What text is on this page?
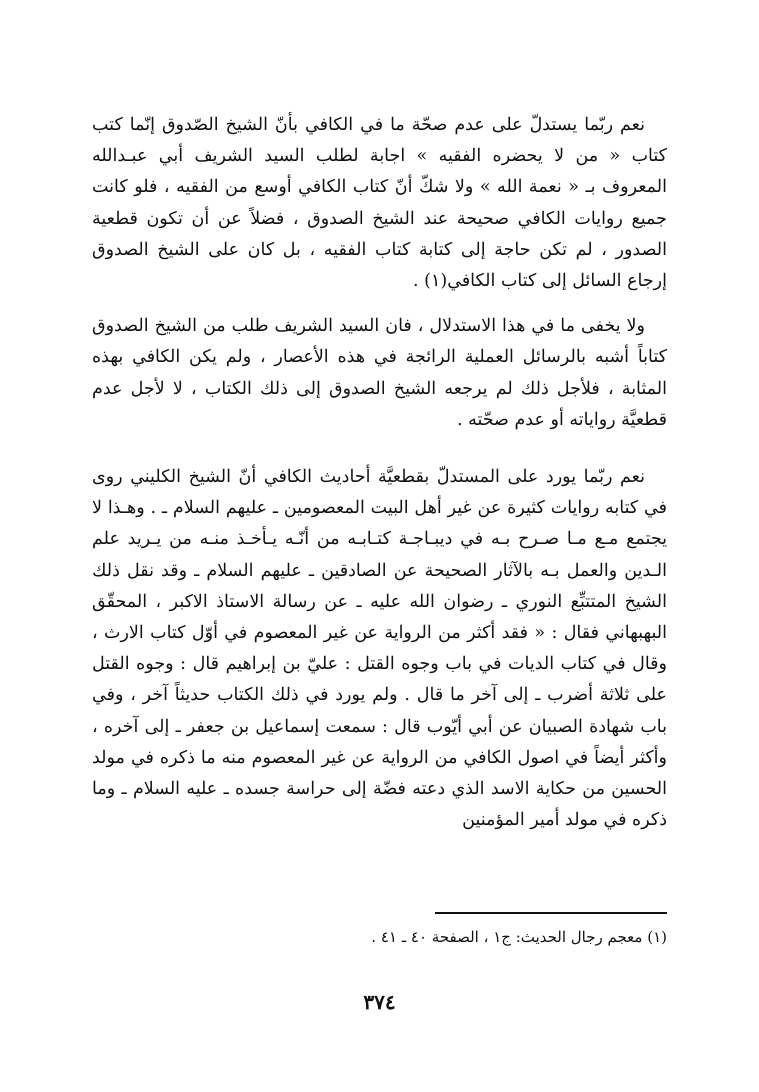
نعم ربّما يستدلّ على عدم صحّة ما في الكافي بأنّ الشيخ الصّدوق إنّما كتب كتاب « من لا يحضره الفقيه » اجابة لطلب السيد الشريف أبي عبـدالله المعروف بـ « نعمة الله » ولا شكّ أنّ كتاب الكافي أوسع من الفقيه ، فلو كانت جميع روايات الكافي صحيحة عند الشيخ الصدوق ، فضلاً عن أن تكون قطعية الصدور ، لم تكن حاجة إلى كتابة كتاب الفقيه ، بل كان على الشيخ الصدوق إرجاع السائل إلى كتاب الكافي(١) .

ولا يخفى ما في هذا الاستدلال ، فان السيد الشريف طلب من الشيخ الصدوق كتاباً أشبه بالرسائل العملية الرائجة في هذه الأعصار ، ولم يكن الكافي بهذه المثابة ، فلأجل ذلك لم يرجعه الشيخ الصدوق إلى ذلك الكتاب ، لا لأجل عدم قطعيَّة رواياته أو عدم صحّته .

نعم ربّما يورد على المستدلّ بقطعيَّة أحاديث الكافي أنّ الشيخ الكليني روى في كتابه روايات كثيرة عن غير أهل البيت المعصومين ـ عليهم السلام ـ . وهـذا لا يجتمع مـع مـا صـرح بـه في ديبـاجـة كتـابـه من أنّـه يـأخـذ منـه من يـريد علم الـدين والعمل بـه بالآثار الصحيحة عن الصادقين ـ عليهم السلام ـ وقد نقل ذلك الشيخ المتتبِّع النوري ـ رضوان الله عليه ـ عن رسالة الاستاذ الاكبر ، المحقّق البهبهاني فقال : « فقد أكثر من الرواية عن غير المعصوم في أوّل كتاب الارث ، وقال في كتاب الديات في باب وجوه القتل : عليّ بن إبراهيم قال : وجوه القتل على ثلاثة أضرب ـ إلى آخر ما قال . ولم يورد في ذلك الكتاب حديثاً آخر ، وفي باب شهادة الصبيان عن أبي أيّوب قال : سمعت إسماعيل بن جعفر ـ إلى آخره ، وأكثر أيضاً في اصول الكافي من الرواية عن غير المعصوم منه ما ذكره في مولد الحسين من حكاية الاسد الذي دعته فضّة إلى حراسة جسده ـ عليه السلام ـ وما ذكره في مولد أمير المؤمنين

(١) معجم رجال الحديث: ج١ ، الصفحة ٤٠ ـ ٤١ .
٣٧٤
